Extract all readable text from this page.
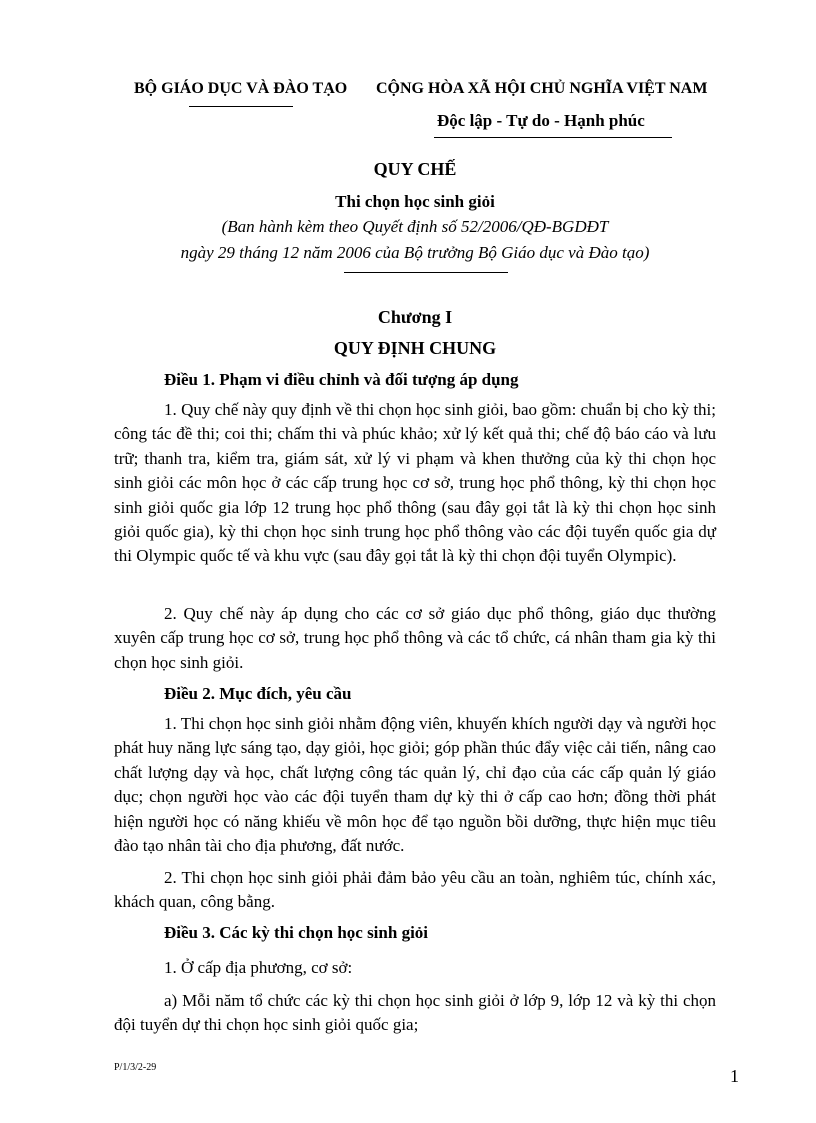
BỘ GIÁO DỤC VÀ ĐÀO TẠO CỘNG HÒA XÃ HỘI CHỦ NGHĨA VIỆT NAM
Độc lập - Tự do - Hạnh phúc
QUY CHẾ
Thi chọn học sinh giỏi
(Ban hành kèm theo Quyết định số 52/2006/QĐ-BGDĐT
ngày 29 tháng 12 năm 2006 của Bộ trưởng Bộ Giáo dục và Đào tạo)
Chương I
QUY ĐỊNH CHUNG
Điều 1. Phạm vi điều chỉnh và đối tượng áp dụng
1. Quy chế này quy định về thi chọn học sinh giỏi, bao gồm: chuẩn bị cho kỳ thi; công tác đề thi; coi thi; chấm thi và phúc khảo; xử lý kết quả thi; chế độ báo cáo và lưu trữ; thanh tra, kiểm tra, giám sát, xử lý vi phạm và khen thưởng của kỳ thi chọn học sinh giỏi các môn học ở các cấp trung học cơ sở, trung học phổ thông, kỳ thi chọn học sinh giỏi quốc gia lớp 12 trung học phổ thông (sau đây gọi tắt là kỳ thi chọn học sinh giỏi quốc gia), kỳ thi chọn học sinh trung học phổ thông vào các đội tuyển quốc gia dự thi Olympic quốc tế và khu vực (sau đây gọi tắt là kỳ thi chọn đội tuyển Olympic).
2. Quy chế này áp dụng cho các cơ sở giáo dục phổ thông, giáo dục thường xuyên cấp trung học cơ sở, trung học phổ thông và các tổ chức, cá nhân tham gia kỳ thi chọn học sinh giỏi.
Điều 2. Mục đích, yêu cầu
1. Thi chọn học sinh giỏi nhằm động viên, khuyến khích người dạy và người học phát huy năng lực sáng tạo, dạy giỏi, học giỏi; góp phần thúc đẩy việc cải tiến, nâng cao chất lượng dạy và học, chất lượng công tác quản lý, chỉ đạo của các cấp quản lý giáo dục; chọn người học vào các đội tuyển tham dự kỳ thi ở cấp cao hơn; đồng thời phát hiện người học có năng khiếu về môn học để tạo nguồn bồi dưỡng, thực hiện mục tiêu đào tạo nhân tài cho địa phương, đất nước.
2. Thi chọn học sinh giỏi phải đảm bảo yêu cầu an toàn, nghiêm túc, chính xác, khách quan, công bằng.
Điều 3. Các kỳ thi chọn học sinh giỏi
1. Ở cấp địa phương, cơ sở:
a) Mỗi năm tổ chức các kỳ thi chọn học sinh giỏi ở lớp 9, lớp 12 và kỳ thi chọn đội tuyển dự thi chọn học sinh giỏi quốc gia;
P/1/3/2-29	1
